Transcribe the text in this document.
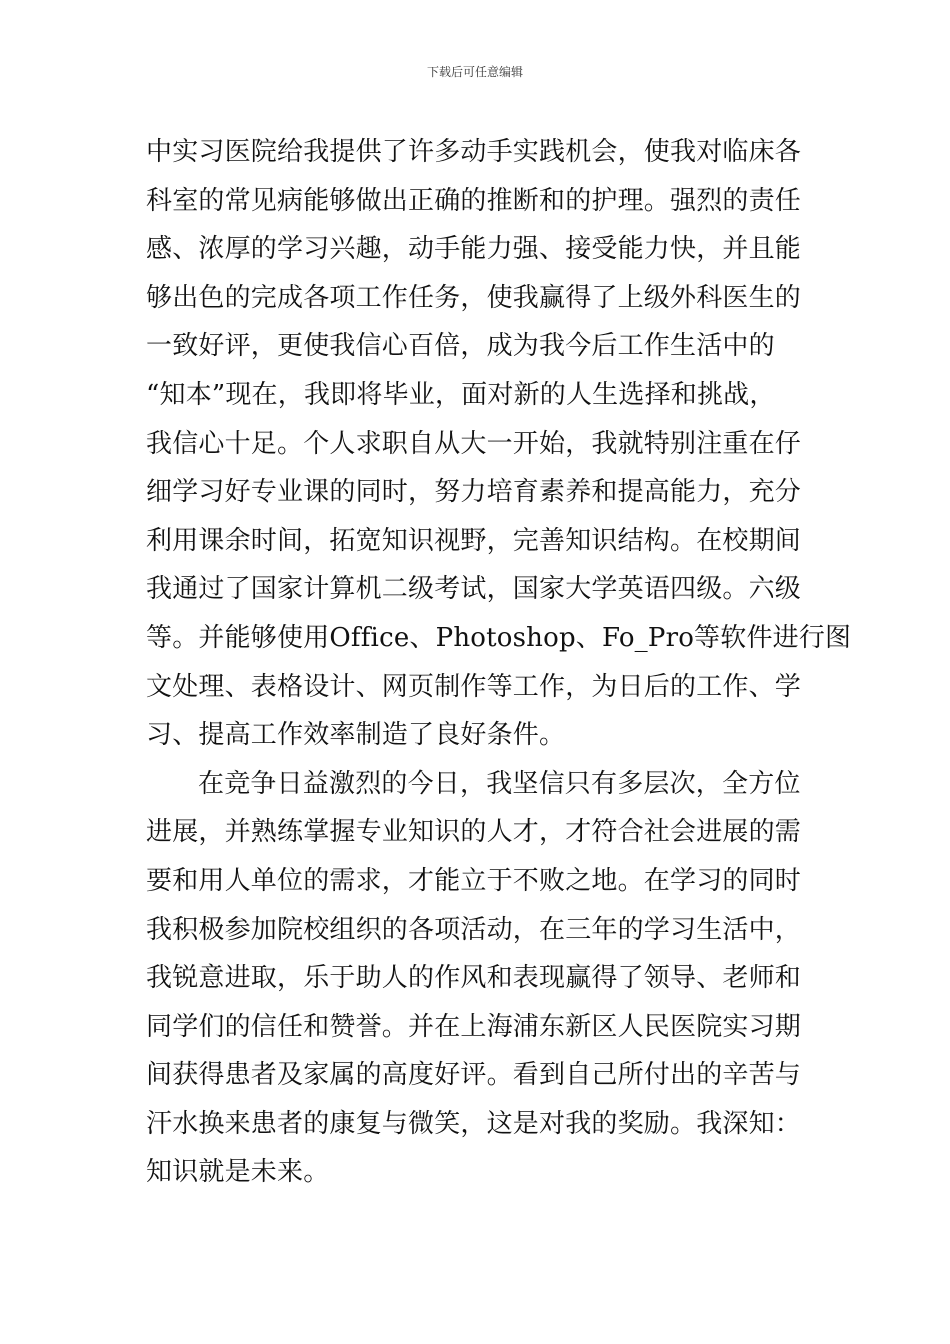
下载后可任意编辑
中实习医院给我提供了许多动手实践机会，使我对临床各
科室的常见病能够做出正确的推断和的护理。强烈的责任
感、浓厚的学习兴趣，动手能力强、接受能力快，并且能
够出色的完成各项工作任务，使我赢得了上级外科医生的
一致好评，更使我信心百倍，成为我今后工作生活中的
“知本”现在，我即将毕业，面对新的人生选择和挑战，
我信心十足。个人求职自从大一开始，我就特别注重在仔
细学习好专业课的同时，努力培育素养和提高能力，充分
利用课余时间，拓宽知识视野，完善知识结构。在校期间
我通过了国家计算机二级考试，国家大学英语四级。六级
等。并能够使用Office、Photoshop、Fo_Pro等软件进行图
文处理、表格设计、网页制作等工作，为日后的工作、学
习、提高工作效率制造了良好条件。
在竞争日益激烈的今日，我坚信只有多层次，全方位
进展，并熟练掌握专业知识的人才，才符合社会进展的需
要和用人单位的需求，才能立于不败之地。在学习的同时
我积极参加院校组织的各项活动，在三年的学习生活中，
我锐意进取，乐于助人的作风和表现赢得了领导、老师和
同学们的信任和赞誉。并在上海浦东新区人民医院实习期
间获得患者及家属的高度好评。看到自己所付出的辛苦与
汗水换来患者的康复与微笑，这是对我的奖励。我深知：
知识就是未来。
